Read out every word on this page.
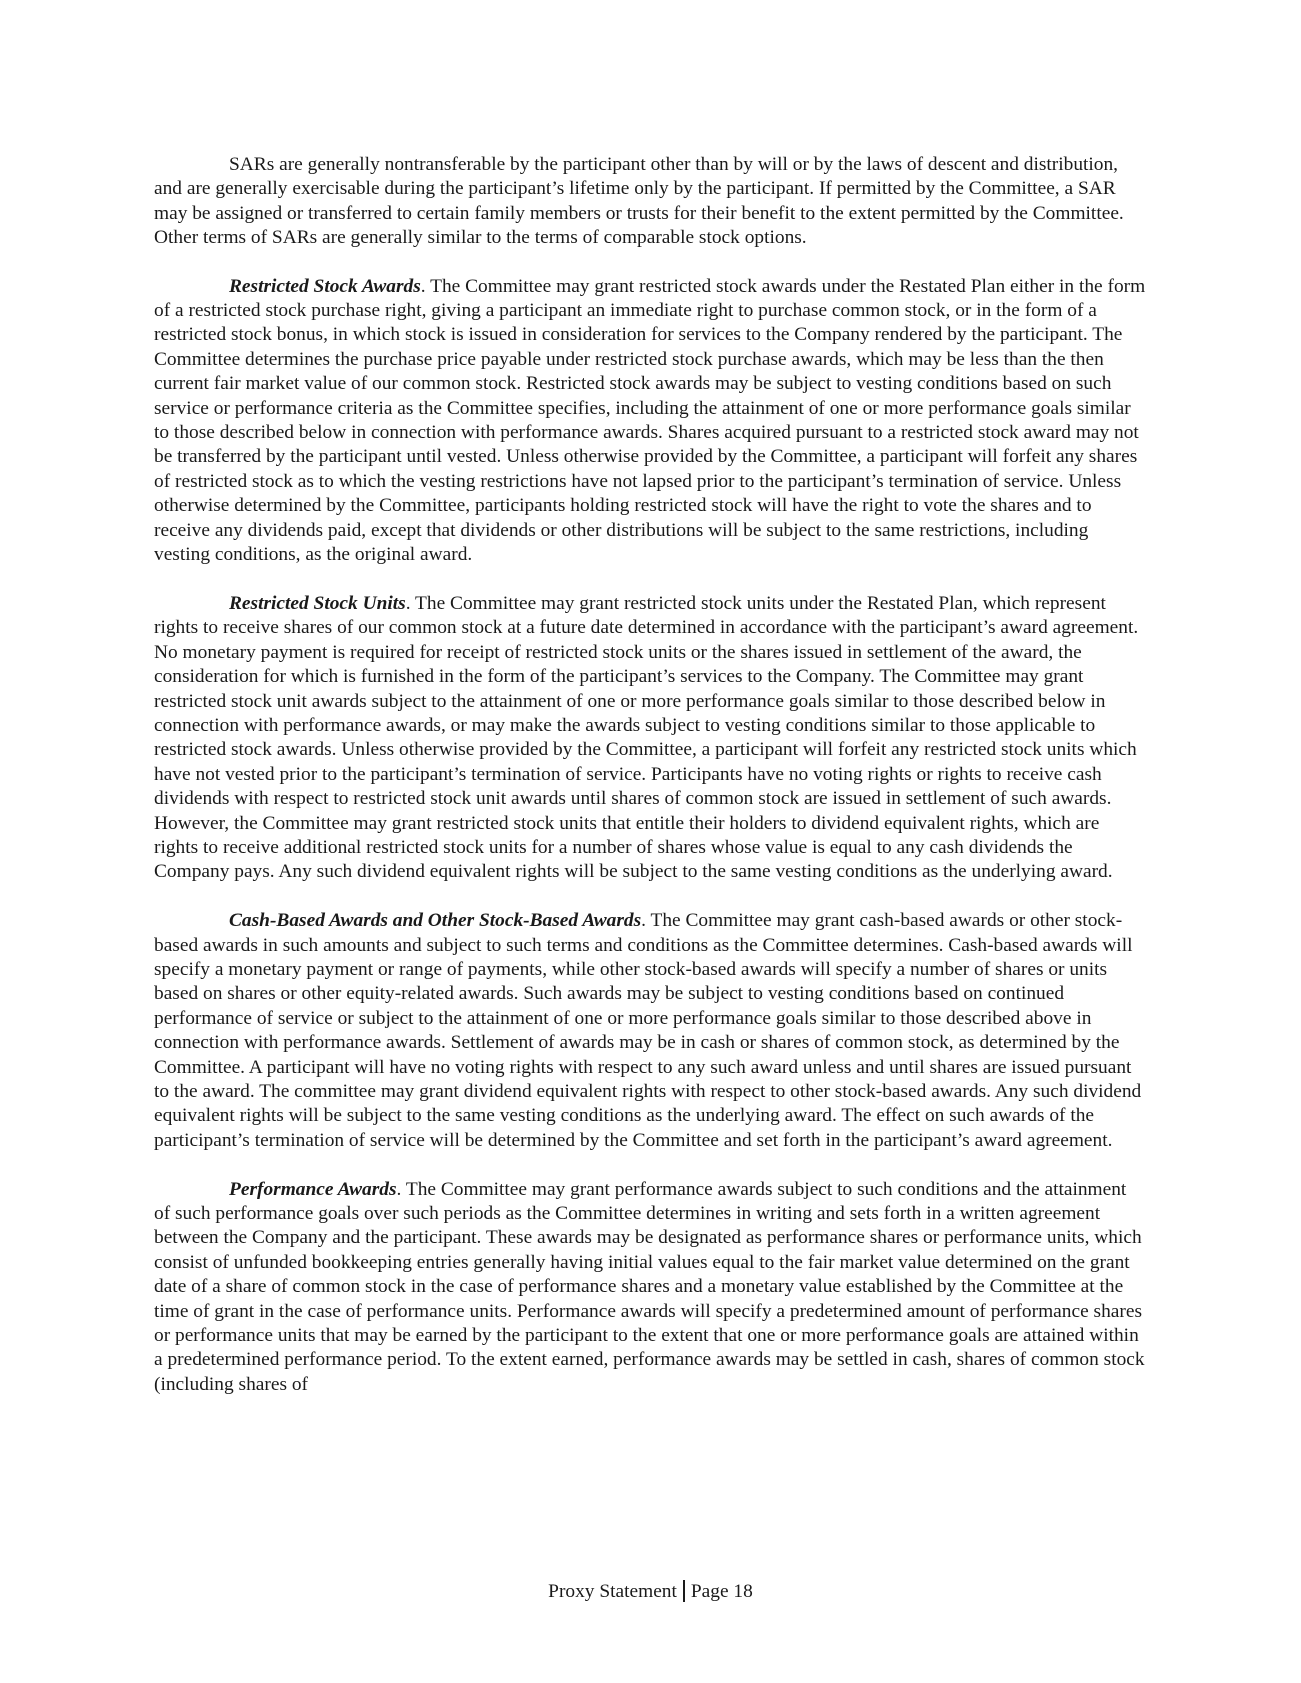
SARs are generally nontransferable by the participant other than by will or by the laws of descent and distribution, and are generally exercisable during the participant’s lifetime only by the participant. If permitted by the Committee, a SAR may be assigned or transferred to certain family members or trusts for their benefit to the extent permitted by the Committee. Other terms of SARs are generally similar to the terms of comparable stock options.

Restricted Stock Awards. The Committee may grant restricted stock awards under the Restated Plan either in the form of a restricted stock purchase right, giving a participant an immediate right to purchase common stock, or in the form of a restricted stock bonus, in which stock is issued in consideration for services to the Company rendered by the participant. The Committee determines the purchase price payable under restricted stock purchase awards, which may be less than the then current fair market value of our common stock. Restricted stock awards may be subject to vesting conditions based on such service or performance criteria as the Committee specifies, including the attainment of one or more performance goals similar to those described below in connection with performance awards. Shares acquired pursuant to a restricted stock award may not be transferred by the participant until vested. Unless otherwise provided by the Committee, a participant will forfeit any shares of restricted stock as to which the vesting restrictions have not lapsed prior to the participant’s termination of service. Unless otherwise determined by the Committee, participants holding restricted stock will have the right to vote the shares and to receive any dividends paid, except that dividends or other distributions will be subject to the same restrictions, including vesting conditions, as the original award.

Restricted Stock Units. The Committee may grant restricted stock units under the Restated Plan, which represent rights to receive shares of our common stock at a future date determined in accordance with the participant’s award agreement. No monetary payment is required for receipt of restricted stock units or the shares issued in settlement of the award, the consideration for which is furnished in the form of the participant’s services to the Company. The Committee may grant restricted stock unit awards subject to the attainment of one or more performance goals similar to those described below in connection with performance awards, or may make the awards subject to vesting conditions similar to those applicable to restricted stock awards. Unless otherwise provided by the Committee, a participant will forfeit any restricted stock units which have not vested prior to the participant’s termination of service. Participants have no voting rights or rights to receive cash dividends with respect to restricted stock unit awards until shares of common stock are issued in settlement of such awards. However, the Committee may grant restricted stock units that entitle their holders to dividend equivalent rights, which are rights to receive additional restricted stock units for a number of shares whose value is equal to any cash dividends the Company pays. Any such dividend equivalent rights will be subject to the same vesting conditions as the underlying award.

Cash-Based Awards and Other Stock-Based Awards. The Committee may grant cash-based awards or other stock-based awards in such amounts and subject to such terms and conditions as the Committee determines. Cash-based awards will specify a monetary payment or range of payments, while other stock-based awards will specify a number of shares or units based on shares or other equity-related awards. Such awards may be subject to vesting conditions based on continued performance of service or subject to the attainment of one or more performance goals similar to those described above in connection with performance awards. Settlement of awards may be in cash or shares of common stock, as determined by the Committee. A participant will have no voting rights with respect to any such award unless and until shares are issued pursuant to the award. The committee may grant dividend equivalent rights with respect to other stock-based awards. Any such dividend equivalent rights will be subject to the same vesting conditions as the underlying award. The effect on such awards of the participant’s termination of service will be determined by the Committee and set forth in the participant’s award agreement.

Performance Awards. The Committee may grant performance awards subject to such conditions and the attainment of such performance goals over such periods as the Committee determines in writing and sets forth in a written agreement between the Company and the participant. These awards may be designated as performance shares or performance units, which consist of unfunded bookkeeping entries generally having initial values equal to the fair market value determined on the grant date of a share of common stock in the case of performance shares and a monetary value established by the Committee at the time of grant in the case of performance units. Performance awards will specify a predetermined amount of performance shares or performance units that may be earned by the participant to the extent that one or more performance goals are attained within a predetermined performance period. To the extent earned, performance awards may be settled in cash, shares of common stock (including shares of

Proxy Statement Page 18
